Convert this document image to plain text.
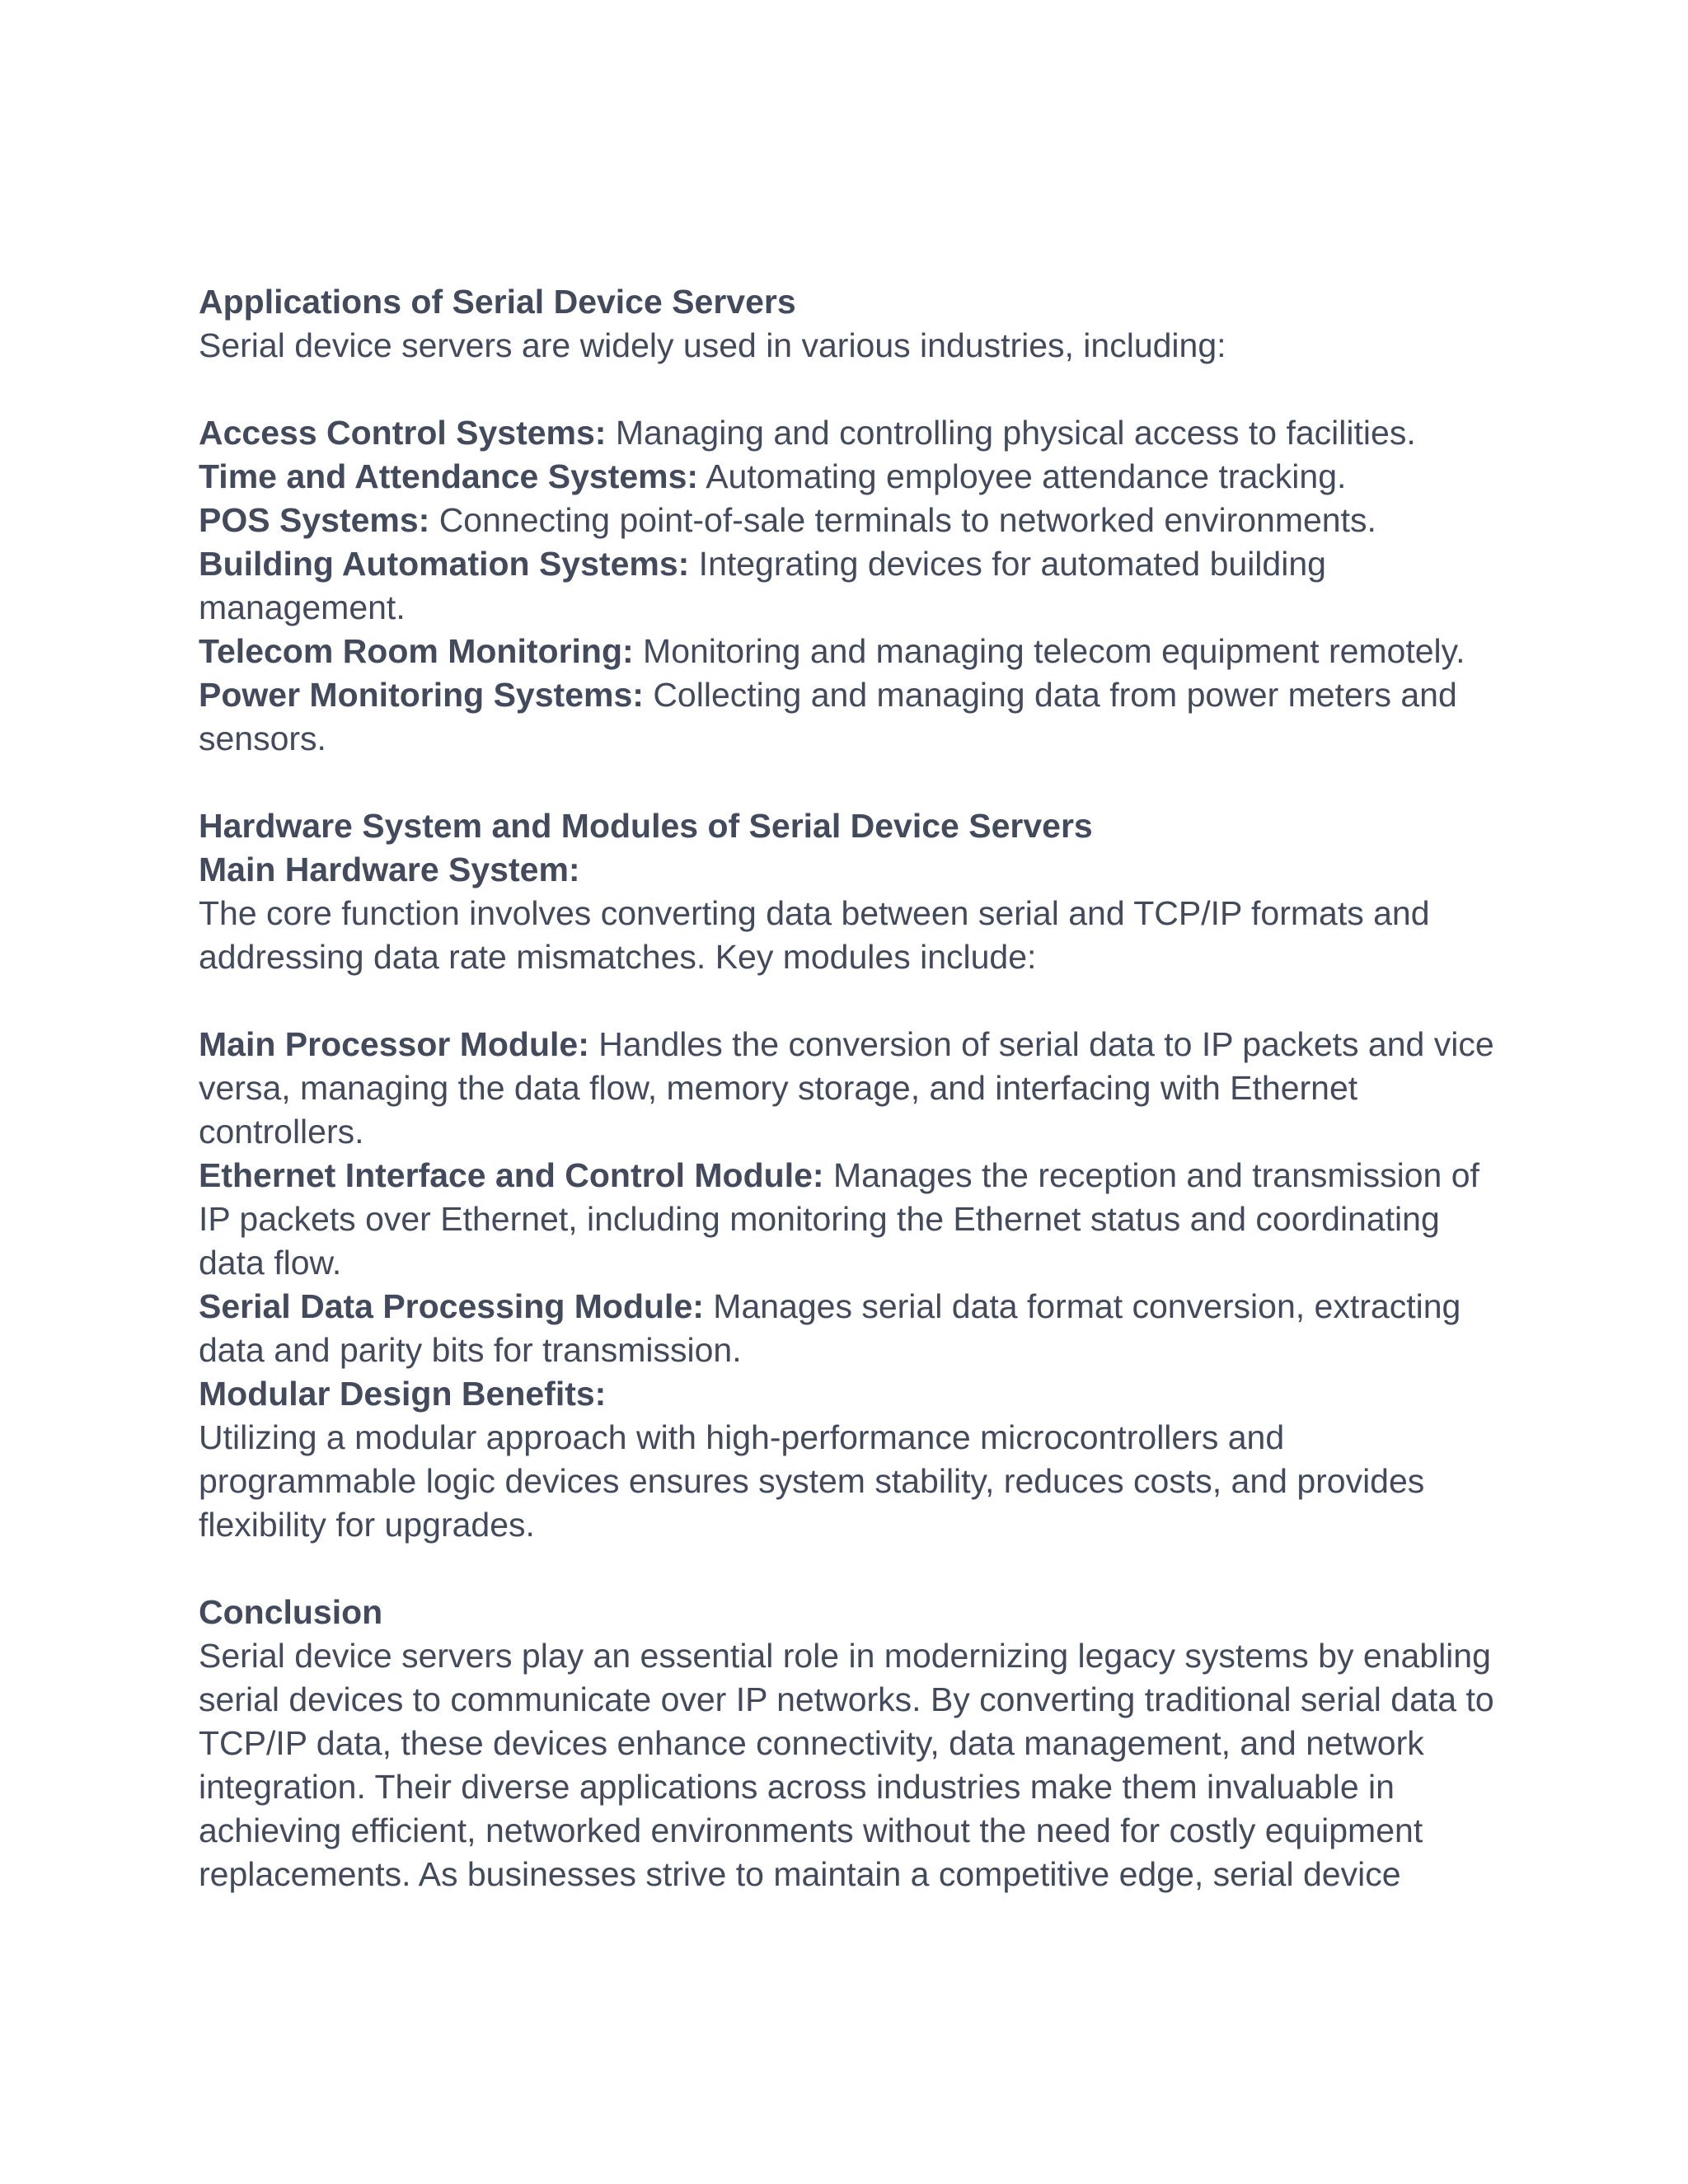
Applications of Serial Device Servers

Serial device servers are widely used in various industries, including:

Access Control Systems: Managing and controlling physical access to facilities.

Time and Attendance Systems: Automating employee attendance tracking.

POS Systems: Connecting point-of-sale terminals to networked environments.

Building Automation Systems: Integrating devices for automated building management.

Telecom Room Monitoring: Monitoring and managing telecom equipment remotely.

Power Monitoring Systems: Collecting and managing data from power meters and sensors.

Hardware System and Modules of Serial Device Servers

Main Hardware System:

The core function involves converting data between serial and TCP/IP formats and addressing data rate mismatches. Key modules include:

Main Processor Module: Handles the conversion of serial data to IP packets and vice versa, managing the data flow, memory storage, and interfacing with Ethernet controllers.

Ethernet Interface and Control Module: Manages the reception and transmission of IP packets over Ethernet, including monitoring the Ethernet status and coordinating data flow.

Serial Data Processing Module: Manages serial data format conversion, extracting data and parity bits for transmission.

Modular Design Benefits:

Utilizing a modular approach with high-performance microcontrollers and programmable logic devices ensures system stability, reduces costs, and provides flexibility for upgrades.

Conclusion

Serial device servers play an essential role in modernizing legacy systems by enabling serial devices to communicate over IP networks. By converting traditional serial data to TCP/IP data, these devices enhance connectivity, data management, and network integration. Their diverse applications across industries make them invaluable in achieving efficient, networked environments without the need for costly equipment replacements. As businesses strive to maintain a competitive edge, serial device
